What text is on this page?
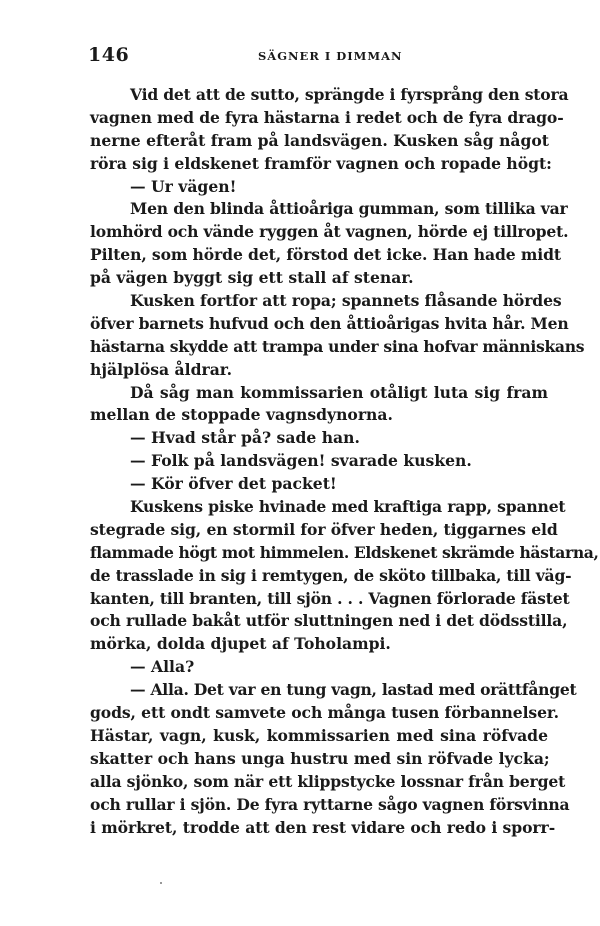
146	SÄGNER I DIMMAN
Vid det att de sutto, sprängde i fyrsprång den stora
vagnen med de fyra hästarna i redet och de fyra drago-
nerne efteråt fram på landsvägen. Kusken såg något
röra sig i eldskenet framför vagnen och ropade högt:
— Ur vägen!
Men den blinda åttioåriga gumman, som tillika var
lomhörd och vände ryggen åt vagnen, hörde ej tillropet.
Pilten, som hörde det, förstod det icke. Han hade midt
på vägen byggt sig ett stall af stenar.
Kusken fortfor att ropa; spannets flåsande hördes
öfver barnets hufvud och den åttioårigas hvita hår. Men
hästarna skydde att trampa under sina hofvar människans
hjälplösa åldrar.
Då såg man kommissarien otåligt luta sig fram
mellan de stoppade vagnsdynorna.
— Hvad står på? sade han.
— Folk på landsvägen! svarade kusken.
— Kör öfver det packet!
Kuskens piske hvinade med kraftiga rapp, spannet
stegrade sig, en stormil for öfver heden, tiggarnes eld
flammade högt mot himmelen. Eldskenet skrämde hästarna,
de trasslade in sig i remtygen, de sköto tillbaka, till väg-
kanten, till branten, till sjön . . . Vagnen förlorade fästet
och rullade bakåt utför sluttningen ned i det dödsstilla,
mörka, dolda djupet af Toholampi.
— Alla?
— Alla. Det var en tung vagn, lastad med orättfånget
gods, ett ondt samvete och många tusen förbannelser.
Hästar, vagn, kusk, kommissarien med sina röfvade
skatter och hans unga hustru med sin röfvade lycka;
alla sjönko, som när ett klippstycke lossnar från berget
och rullar i sjön. De fyra ryttarne sågo vagnen försvinna
i mörkret, trodde att den rest vidare och redo i sporr-
